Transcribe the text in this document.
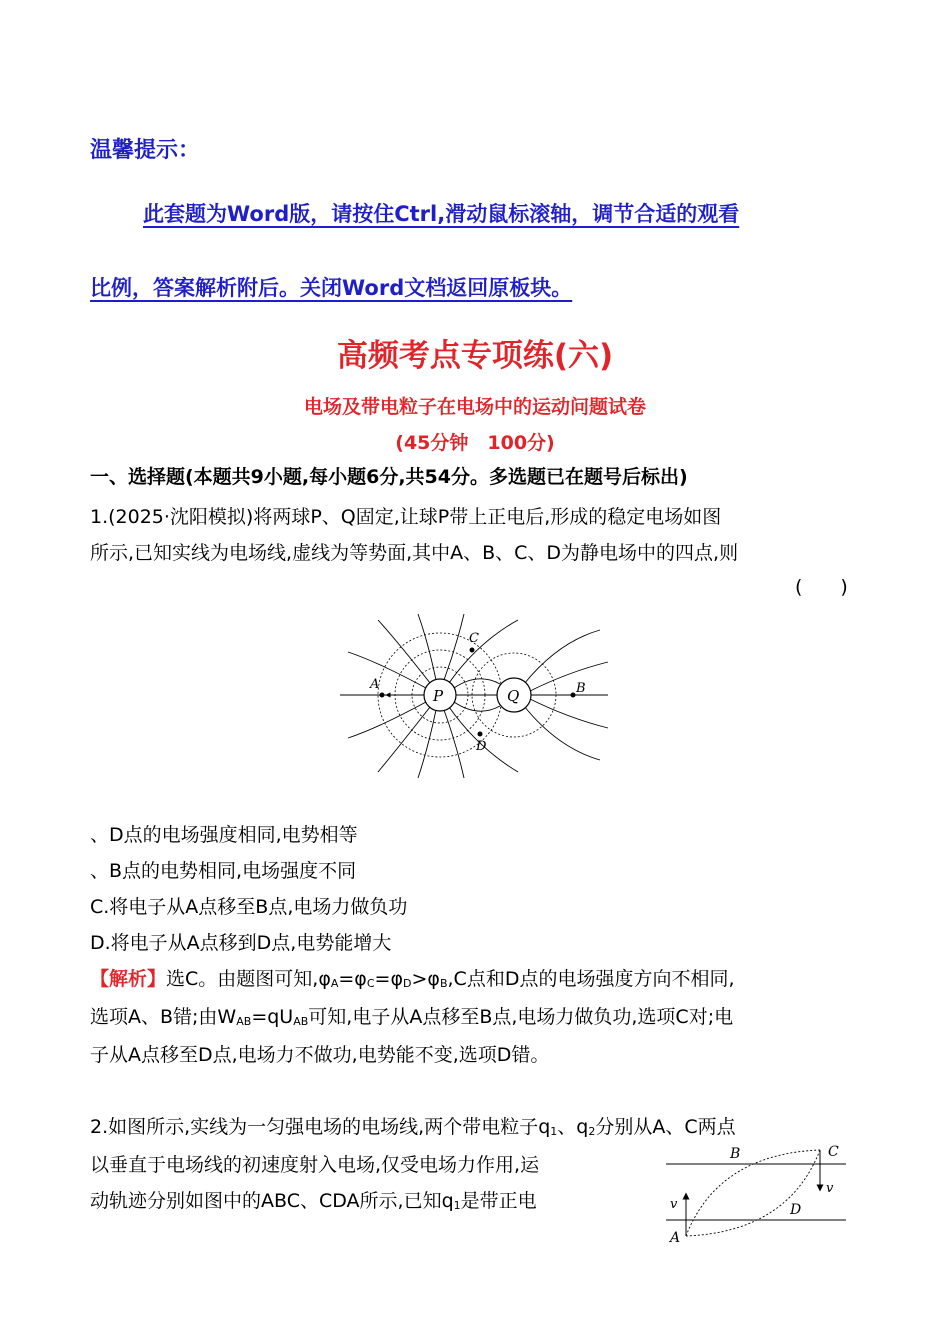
温馨提示：
此套题为Word版，请按住Ctrl,滑动鼠标滚轴，调节合适的观看
比例，答案解析附后。关闭Word文档返回原板块。
高频考点专项练(六)
电场及带电粒子在电场中的运动问题试卷
(45分钟　100分)
一、选择题(本题共9小题,每小题6分,共54分。多选题已在题号后标出)
1.(2025·沈阳模拟)将两球P、Q固定,让球P带上正电后,形成的稳定电场如图
所示,已知实线为电场线,虚线为等势面,其中A、B、C、D为静电场中的四点,则
(　　)
P	Q
A	B
C
D
、D点的电场强度相同,电势相等
、B点的电势相同,电场强度不同
C.将电子从A点移至B点,电场力做负功
D.将电子从A点移到D点,电势能增大
【解析】选C。由题图可知$,\varphi_A=\varphi_C=\varphi_D>\varphi_B,C$点和D点的电场强度方向不相同,
选项A、B错;由$W_{AB}=qU_{AB}$可知,电子从A点移至B点,电场力做负功,选项C对;电
子从A点移至D点,电场力不做功,电势能不变,选项D错。
2.如图所示,实线为一匀强电场的电场线,两个带电粒子$q_1$、$q_2$分别从A、C两点
以垂直于电场线的初速度射入电场,仅受电场力作用,运
动轨迹分别如图中的ABC、CDA所示,已知$q_1$是带正电
A
B	C
D
v
v
